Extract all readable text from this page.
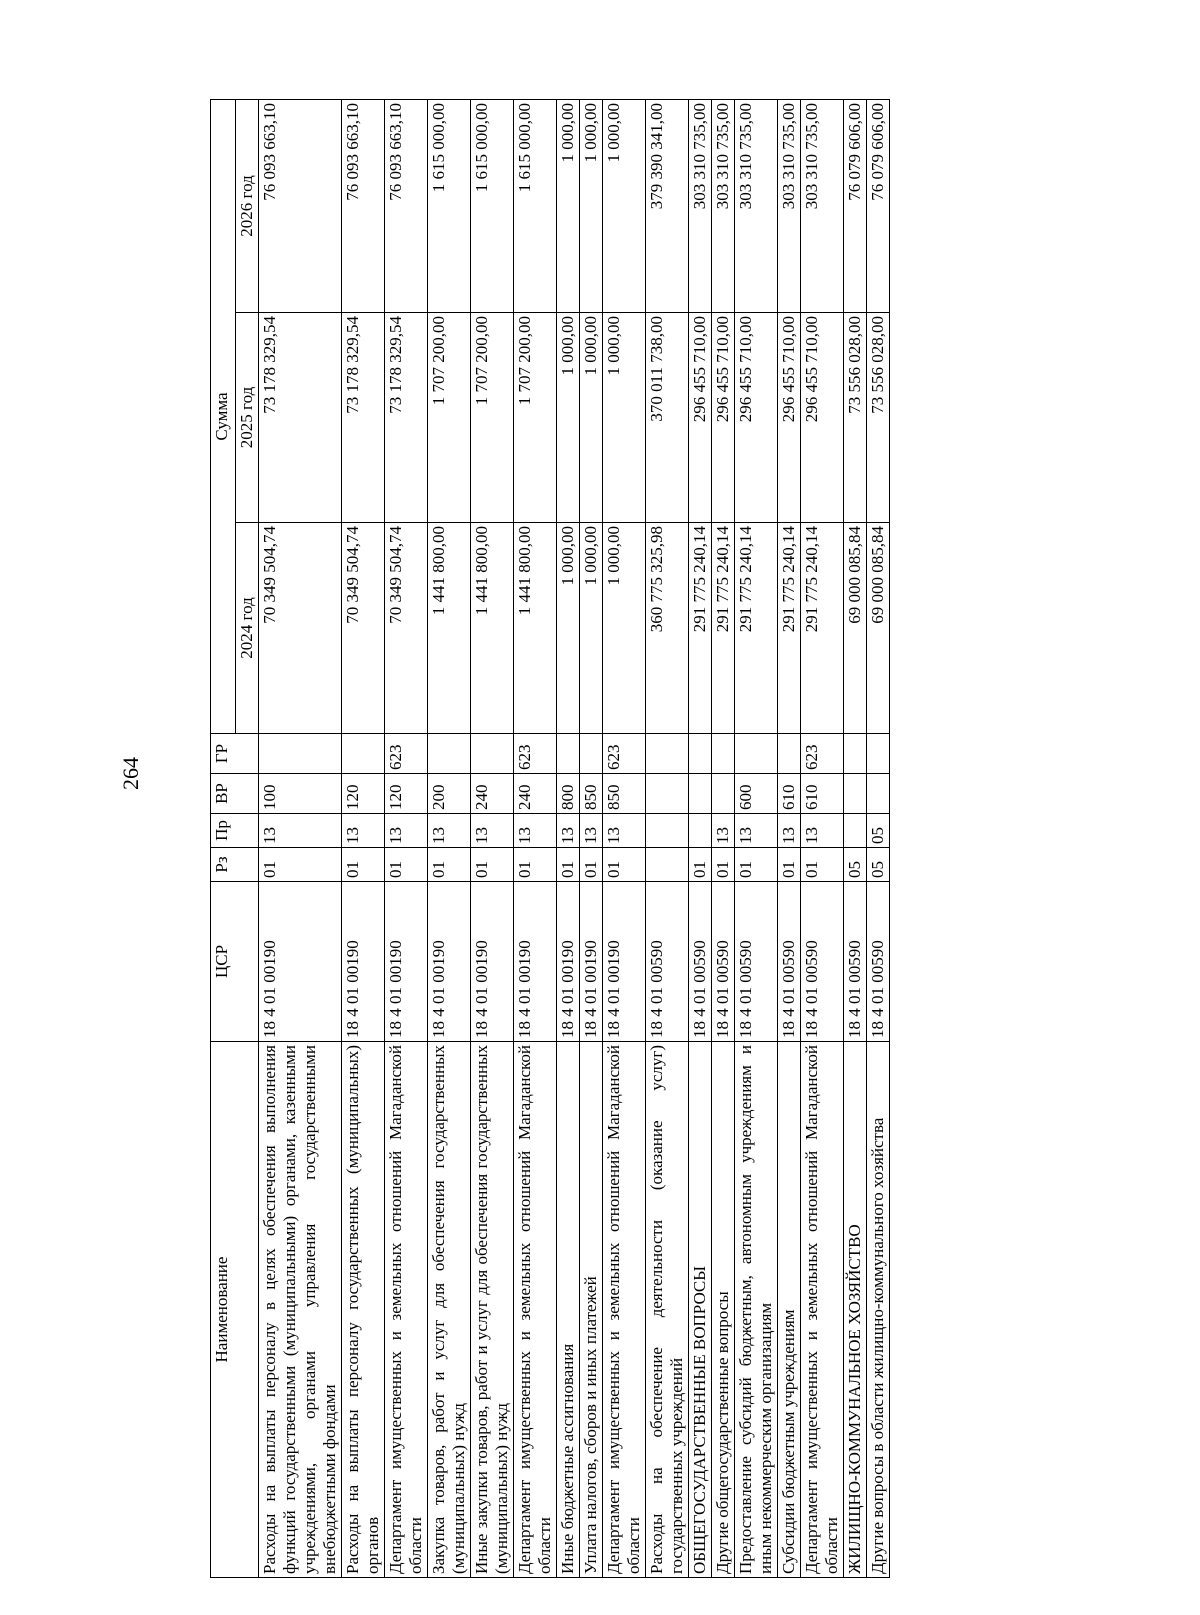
264
Наименование	ЦСР	Рз	Пр	ВР	ГР	Сумма		
						2024 год	2025 год	2026 год
Расходы на выплаты персоналу в целях обеспечения выполнения функций государственными (муниципальными) органами, казенными учреждениями, органами управления государственными внебюджетными фондами	18 4 01 00190	01	13	100		70 349 504,74	73 178 329,54	76 093 663,10
Расходы на выплаты персоналу государственных (муниципальных) органов	18 4 01 00190	01	13	120		70 349 504,74	73 178 329,54	76 093 663,10
Департамент имущественных и земельных отношений Магаданской области	18 4 01 00190	01	13	120	623	70 349 504,74	73 178 329,54	76 093 663,10
Закупка товаров, работ и услуг для обеспечения государственных (муниципальных) нужд	18 4 01 00190	01	13	200		1 441 800,00	1 707 200,00	1 615 000,00
Иные закупки товаров, работ и услуг для обеспечения государственных (муниципальных) нужд	18 4 01 00190	01	13	240		1 441 800,00	1 707 200,00	1 615 000,00
Департамент имущественных и земельных отношений Магаданской области	18 4 01 00190	01	13	240	623	1 441 800,00	1 707 200,00	1 615 000,00
Иные бюджетные ассигнования	18 4 01 00190	01	13	800		1 000,00	1 000,00	1 000,00
Уплата налогов, сборов и иных платежей	18 4 01 00190	01	13	850		1 000,00	1 000,00	1 000,00
Департамент имущественных и земельных отношений Магаданской области	18 4 01 00190	01	13	850	623	1 000,00	1 000,00	1 000,00
Расходы на обеспечение деятельности (оказание услуг) государственных учреждений	18 4 01 00590					360 775 325,98	370 011 738,00	379 390 341,00
ОБЩЕГОСУДАРСТВЕННЫЕ ВОПРОСЫ	18 4 01 00590	01				291 775 240,14	296 455 710,00	303 310 735,00
Другие общегосударственные вопросы	18 4 01 00590	01	13			291 775 240,14	296 455 710,00	303 310 735,00
Предоставление субсидий бюджетным, автономным учреждениям и иным некоммерческим организациям	18 4 01 00590	01	13	600		291 775 240,14	296 455 710,00	303 310 735,00
Субсидии бюджетным учреждениям	18 4 01 00590	01	13	610		291 775 240,14	296 455 710,00	303 310 735,00
Департамент имущественных и земельных отношений Магаданской области	18 4 01 00590	01	13	610	623	291 775 240,14	296 455 710,00	303 310 735,00
ЖИЛИЩНО-КОММУНАЛЬНОЕ ХОЗЯЙСТВО	18 4 01 00590	05				69 000 085,84	73 556 028,00	76 079 606,00
Другие вопросы в области жилищно-коммунального хозяйства	18 4 01 00590	05	05			69 000 085,84	73 556 028,00	76 079 606,00
